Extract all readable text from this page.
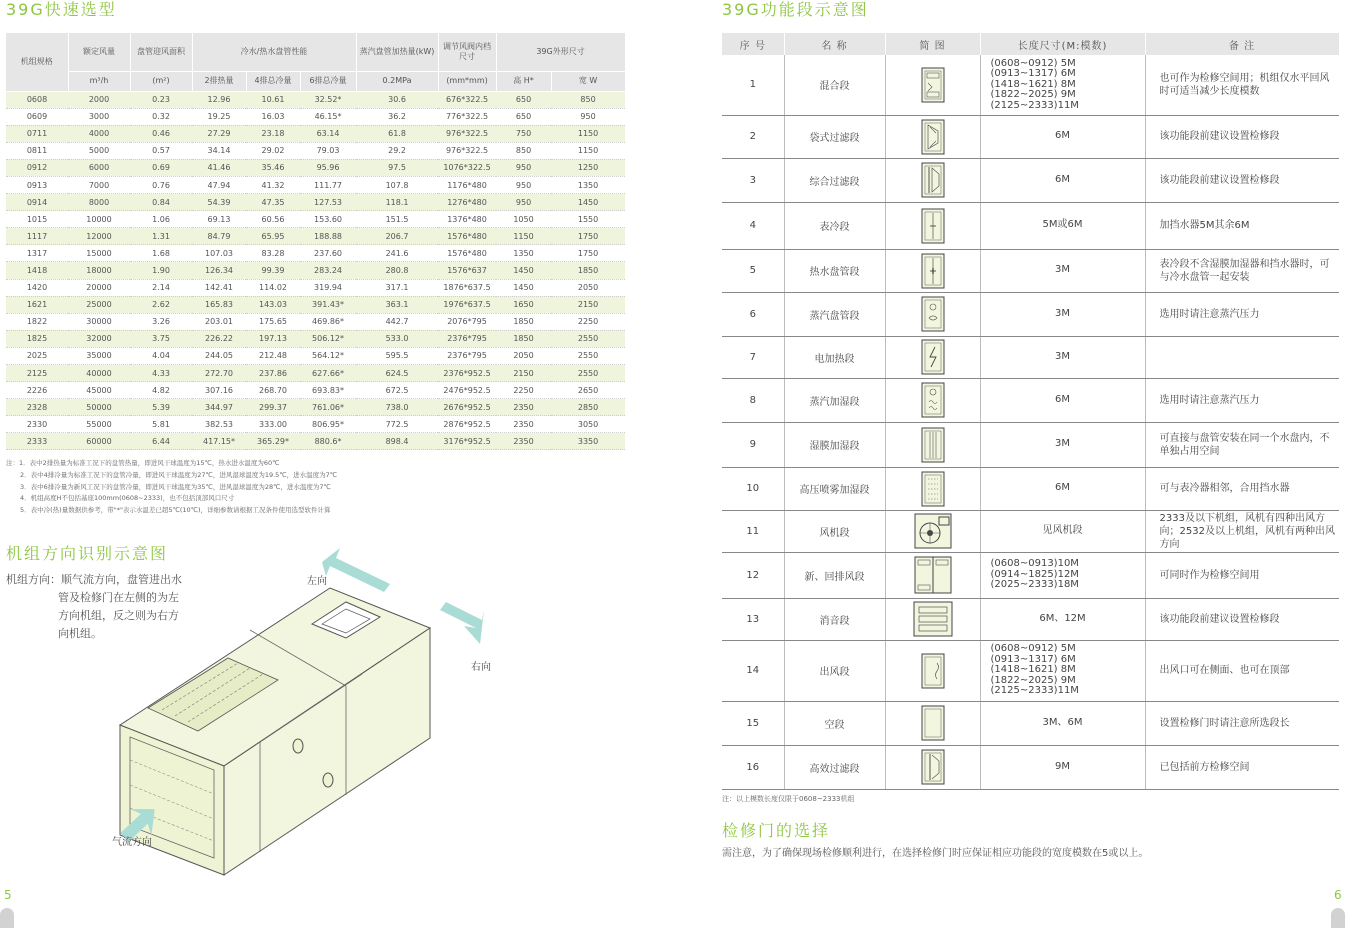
39G快速选型
机组规格	额定风量	盘管迎风面积	冷水/热水盘管性能			蒸汽盘管加热量(kW)	调节风阀内档尺寸	39G外形尺寸	
	m³/h	(m²)	2排热量	4排总冷量	6排总冷量	0.2MPa	(mm*mm)	高 H*	宽 W
0608	2000	0.23	12.96	10.61	32.52*	30.6	676*322.5	650	850
0609	3000	0.32	19.25	16.03	46.15*	36.2	776*322.5	650	950
0711	4000	0.46	27.29	23.18	63.14	61.8	976*322.5	750	1150
0811	5000	0.57	34.14	29.02	79.03	29.2	976*322.5	850	1150
0912	6000	0.69	41.46	35.46	95.96	97.5	1076*322.5	950	1250
0913	7000	0.76	47.94	41.32	111.77	107.8	1176*480	950	1350
0914	8000	0.84	54.39	47.35	127.53	118.1	1276*480	950	1450
1015	10000	1.06	69.13	60.56	153.60	151.5	1376*480	1050	1550
1117	12000	1.31	84.79	65.95	188.88	206.7	1576*480	1150	1750
1317	15000	1.68	107.03	83.28	237.60	241.6	1576*480	1350	1750
1418	18000	1.90	126.34	99.39	283.24	280.8	1576*637	1450	1850
1420	20000	2.14	142.41	114.02	319.94	317.1	1876*637.5	1450	2050
1621	25000	2.62	165.83	143.03	391.43*	363.1	1976*637.5	1650	2150
1822	30000	3.26	203.01	175.65	469.86*	442.7	2076*795	1850	2250
1825	32000	3.75	226.22	197.13	506.12*	533.0	2376*795	1850	2550
2025	35000	4.04	244.05	212.48	564.12*	595.5	2376*795	2050	2550
2125	40000	4.33	272.70	237.86	627.66*	624.5	2376*952.5	2150	2550
2226	45000	4.82	307.16	268.70	693.83*	672.5	2476*952.5	2250	2650
2328	50000	5.39	344.97	299.37	761.06*	738.0	2676*952.5	2350	2850
2330	55000	5.81	382.53	333.00	806.95*	772.5	2876*952.5	2350	3050
2333	60000	6.44	417.15*	365.29*	880.6*	898.4	3176*952.5	2350	3350
注：1．表中2排热量为标准工况下的盘管热量，即进风干球温度为15℃，热水进水温度为60℃
2．表中4排冷量为标准工况下的盘管冷量，即进风干球温度为27℃，进风湿球温度为19.5℃，进水温度为7℃
3．表中6排冷量为新风工况下的盘管冷量，即进风干球温度为35℃，进风湿球温度为28℃，进水温度为7℃
4．机组高度H不包括基座100mm(0608~2333)，也不包括顶部风口尺寸
5．表中冷(热)量数据供参考，带"*"表示水温差已超5℃(10℃)，详细参数请根据工况条件使用选型软件计算
机组方向识别示意图
机组方向：顺气流方向，盘管进出水
管及检修门在左侧的为左方向机组，反之则为右方向机组。
左向
右向
气流方向
5
39G功能段示意图
序 号	名 称	简 图	长度尺寸(M:模数)	备 注
1	混合段		(0608~0912) 5M
(0913~1317) 6M
(1418~1621) 8M
(1822~2025) 9M
(2125~2333)11M	也可作为检修空间用；机组仅水平回风时可适当减少长度模数
2	袋式过滤段		6M	该功能段前建议设置检修段
3	综合过滤段		6M	该功能段前建议设置检修段
4	表冷段		5M或6M	加挡水器5M其余6M
5	热水盘管段		3M	表冷段不含湿膜加湿器和挡水器时，可与冷水盘管一起安装
6	蒸汽盘管段		3M	选用时请注意蒸汽压力
7	电加热段		3M	
8	蒸汽加湿段		6M	选用时请注意蒸汽压力
9	湿膜加湿段		3M	可直接与盘管安装在同一个水盘内，不单独占用空间
10	高压喷雾加湿段		6M	可与表冷器相邻，合用挡水器
11	风机段		见风机段	2333及以下机组，风机有四种出风方向；2532及以上机组，风机有两种出风方向
12	新、回排风段		(0608~0913)10M
(0914~1825)12M
(2025~2333)18M	可同时作为检修空间用
13	消音段		6M、12M	该功能段前建议设置检修段
14	出风段		(0608~0912) 5M
(0913~1317) 6M
(1418~1621) 8M
(1822~2025) 9M
(2125~2333)11M	出风口可在侧面、也可在顶部
15	空段		3M、6M	设置检修门时请注意所选段长
16	高效过滤段		9M	已包括前方检修空间
注：以上模数长度仅限于0608~2333机组
检修门的选择
需注意，为了确保现场检修顺利进行，在选择检修门时应保证相应功能段的宽度模数在5或以上。
6
